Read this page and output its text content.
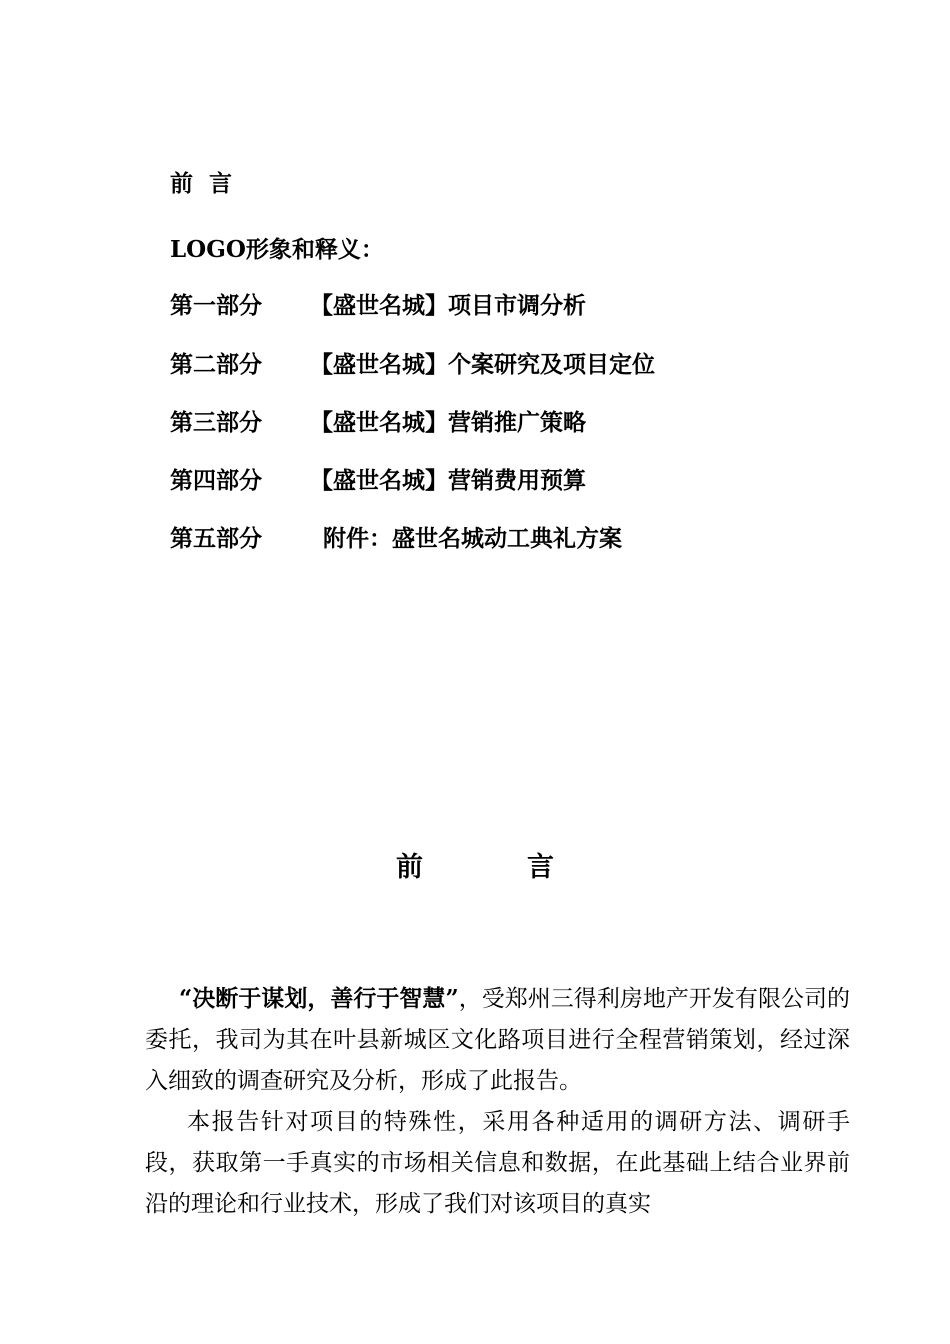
前  言
LOGO形象和释义：
第一部分 【盛世名城】项目市调分析
第二部分 【盛世名城】个案研究及项目定位
第三部分 【盛世名城】营销推广策略
第四部分 【盛世名城】营销费用预算
第五部分	附件：盛世名城动工典礼方案
前	言

“决断于谋划，善行于智慧”，受郑州三得利房地产开发有限公司的委托，我司为其在叶县新城区文化路项目进行全程营销策划，经过深入细致的调查研究及分析，形成了此报告。

本报告针对项目的特殊性，采用各种适用的调研方法、调研手段，获取第一手真实的市场相关信息和数据，在此基础上结合业界前沿的理论和行业技术，形成了我们对该项目的真实
